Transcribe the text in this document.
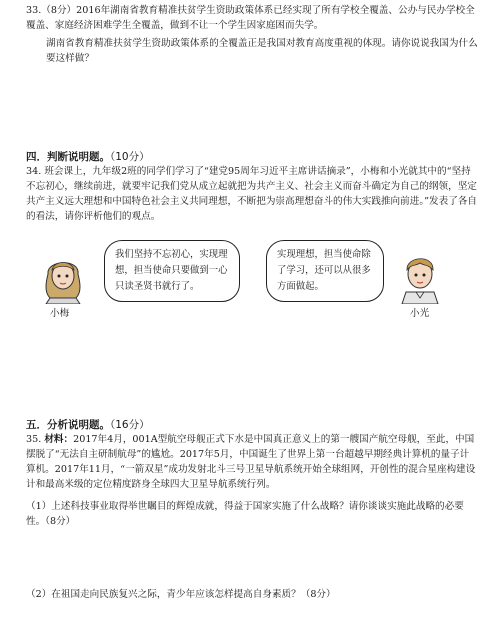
33.（8分）2016年湖南省教育精准扶贫学生资助政策体系已经实现了所有学校全覆盖、公办与民办学校全覆盖、家庭经济困难学生全覆盖，做到不让一个学生因家庭困而失学。

湖南省教育精准扶贫学生资助政策体系的全覆盖正是我国对教育高度重视的体现。请你说说我国为什么要这样做？

四．判断说明题。（10分）

34. 班会课上，九年级2班的同学们学习了“建党95周年习近平主席讲话摘录”，小梅和小光就其中的“坚持不忘初心，继续前进，就要牢记我们党从成立起就把为共产主义、社会主义而奋斗确定为自己的纲领，坚定共产主义远大理想和中国特色社会主义共同理想，不断把为崇高理想奋斗的伟大实践推向前进。”发表了各自的看法，请你评析他们的观点。

小梅
我们坚持不忘初心，实现理想，担当使命只要做到一心只读圣贤书就行了。
实现理想，担当使命除了学习，还可以从很多方面做起。
小光
五．分析说明题。（16分）

35. 材料：2017年4月，001A型航空母舰正式下水是中国真正意义上的第一艘国产航空母舰，至此，中国摆脱了“无法自主研制航母”的尴尬。2017年5月，中国诞生了世界上第一台超越早期经典计算机的量子计算机。2017年11月，“一箭双星”成功发射北斗三号卫星导航系统开始全球组网，开创性的混合星座构建设计和最高米级的定位精度跻身全球四大卫星导航系统行列。

（1）上述科技事业取得举世瞩目的辉煌成就，得益于国家实施了什么战略？请你谈谈实施此战略的必要性。（8分）
（2）在祖国走向民族复兴之际，青少年应该怎样提高自身素质？（8分）
